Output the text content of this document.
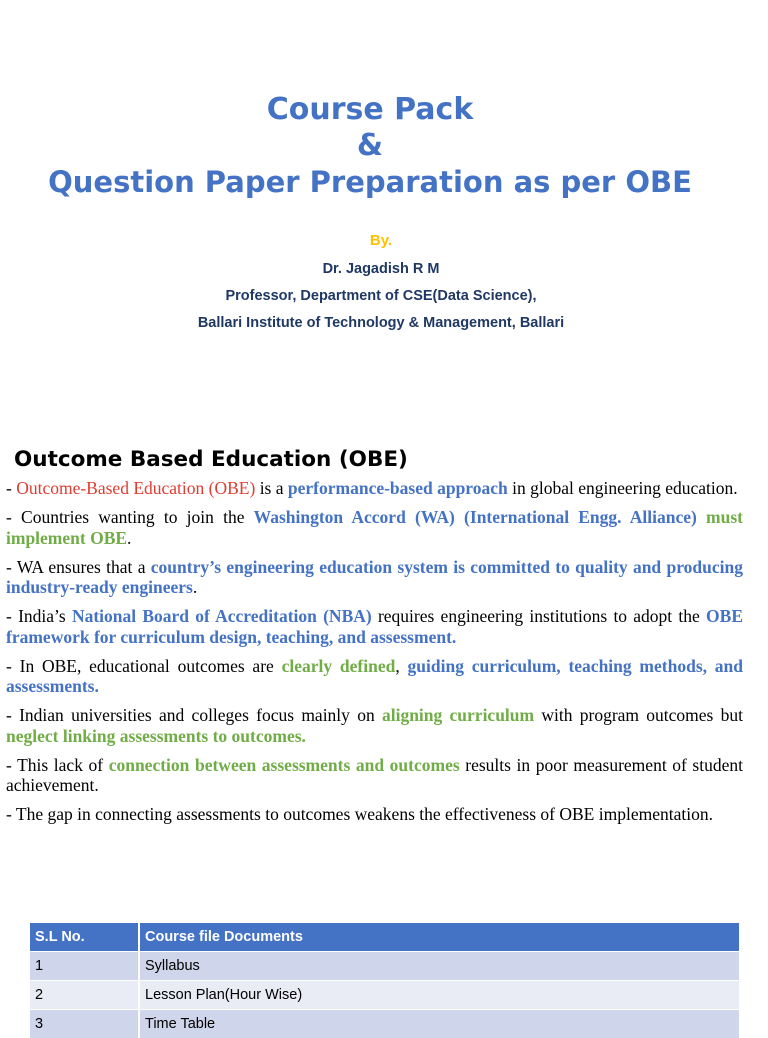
Course Pack
&
Question Paper Preparation as per OBE
By.
Dr. Jagadish R M
Professor, Department of CSE(Data Science),
Ballari Institute of Technology & Management, Ballari
Outcome Based Education (OBE)

- Outcome-Based Education (OBE) is a performance-based approach in global engineering education.

- Countries wanting to join the Washington Accord (WA) (International Engg. Alliance) must implement OBE.

- WA ensures that a country’s engineering education system is committed to quality and producing industry-ready engineers.

- India’s National Board of Accreditation (NBA) requires engineering institutions to adopt the OBE framework for curriculum design, teaching, and assessment.

- In OBE, educational outcomes are clearly defined, guiding curriculum, teaching methods, and assessments.

- Indian universities and colleges focus mainly on aligning curriculum with program outcomes but neglect linking assessments to outcomes.

- This lack of connection between assessments and outcomes results in poor measurement of student achievement.

- The gap in connecting assessments to outcomes weakens the effectiveness of OBE implementation.

S.L No.	Course file Documents
1	Syllabus
2	Lesson Plan(Hour Wise)
3	Time Table
